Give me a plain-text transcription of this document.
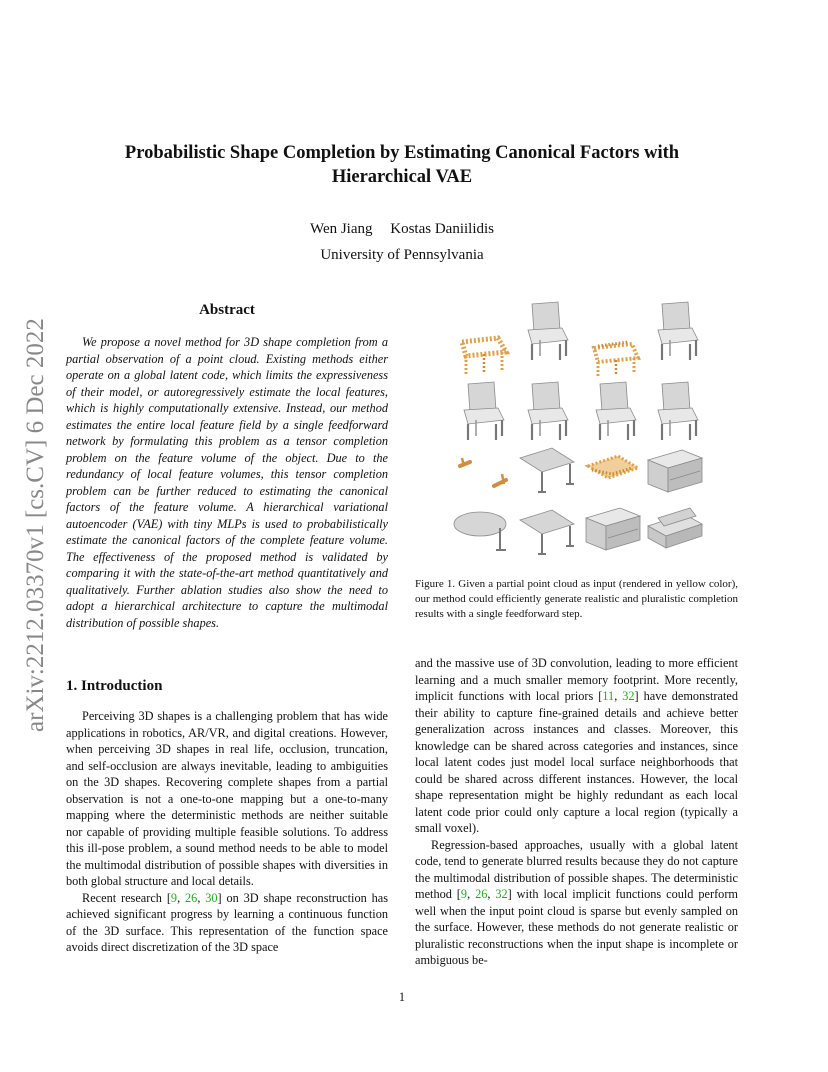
arXiv:2212.03370v1 [cs.CV] 6 Dec 2022
Probabilistic Shape Completion by Estimating Canonical Factors with Hierarchical VAE
Wen Jiang Kostas Daniilidis
University of Pennsylvania
Abstract
We propose a novel method for 3D shape completion from a partial observation of a point cloud. Existing methods either operate on a global latent code, which limits the expressiveness of their model, or autoregressively estimate the local features, which is highly computationally extensive. Instead, our method estimates the entire local feature field by a single feedforward network by formulating this problem as a tensor completion problem on the feature volume of the object. Due to the redundancy of local feature volumes, this tensor completion problem can be further reduced to estimating the canonical factors of the feature volume. A hierarchical variational autoencoder (VAE) with tiny MLPs is used to probabilistically estimate the canonical factors of the complete feature volume. The effectiveness of the proposed method is validated by comparing it with the state-of-the-art method quantitatively and qualitatively. Further ablation studies also show the need to adopt a hierarchical architecture to capture the multimodal distribution of possible shapes.
1. Introduction

Perceiving 3D shapes is a challenging problem that has wide applications in robotics, AR/VR, and digital creations. However, when perceiving 3D shapes in real life, occlusion, truncation, and self-occlusion are always inevitable, leading to ambiguities on the 3D shapes. Recovering complete shapes from a partial observation is not a one-to-one mapping but a one-to-many mapping where the deterministic methods are neither suitable nor capable of providing multiple feasible solutions. To address this ill-pose problem, a sound method needs to be able to model the multimodal distribution of possible shapes with diversities in both global structure and local details.

Recent research [9, 26, 30] on 3D shape reconstruction has achieved significant progress by learning a continuous function of the 3D surface. This representation of the function space avoids direct discretization of the 3D space

Figure 1. Given a partial point cloud as input (rendered in yellow color), our method could efficiently generate realistic and pluralistic completion results with a single feedforward step.

and the massive use of 3D convolution, leading to more efficient learning and a much smaller memory footprint. More recently, implicit functions with local priors [11, 32] have demonstrated their ability to capture fine-grained details and achieve better generalization across instances and classes. Moreover, this knowledge can be shared across categories and instances, since local latent codes just model local surface neighborhoods that could be shared across different instances. However, the local shape representation might be highly redundant as each local latent code prior could only capture a local region (typically a small voxel).

Regression-based approaches, usually with a global latent code, tend to generate blurred results because they do not capture the multimodal distribution of possible shapes. The deterministic method [9, 26, 32] with local implicit functions could perform well when the input point cloud is sparse but evenly sampled on the surface. However, these methods do not generate realistic or pluralistic reconstructions when the input shape is incomplete or ambiguous be-

1
